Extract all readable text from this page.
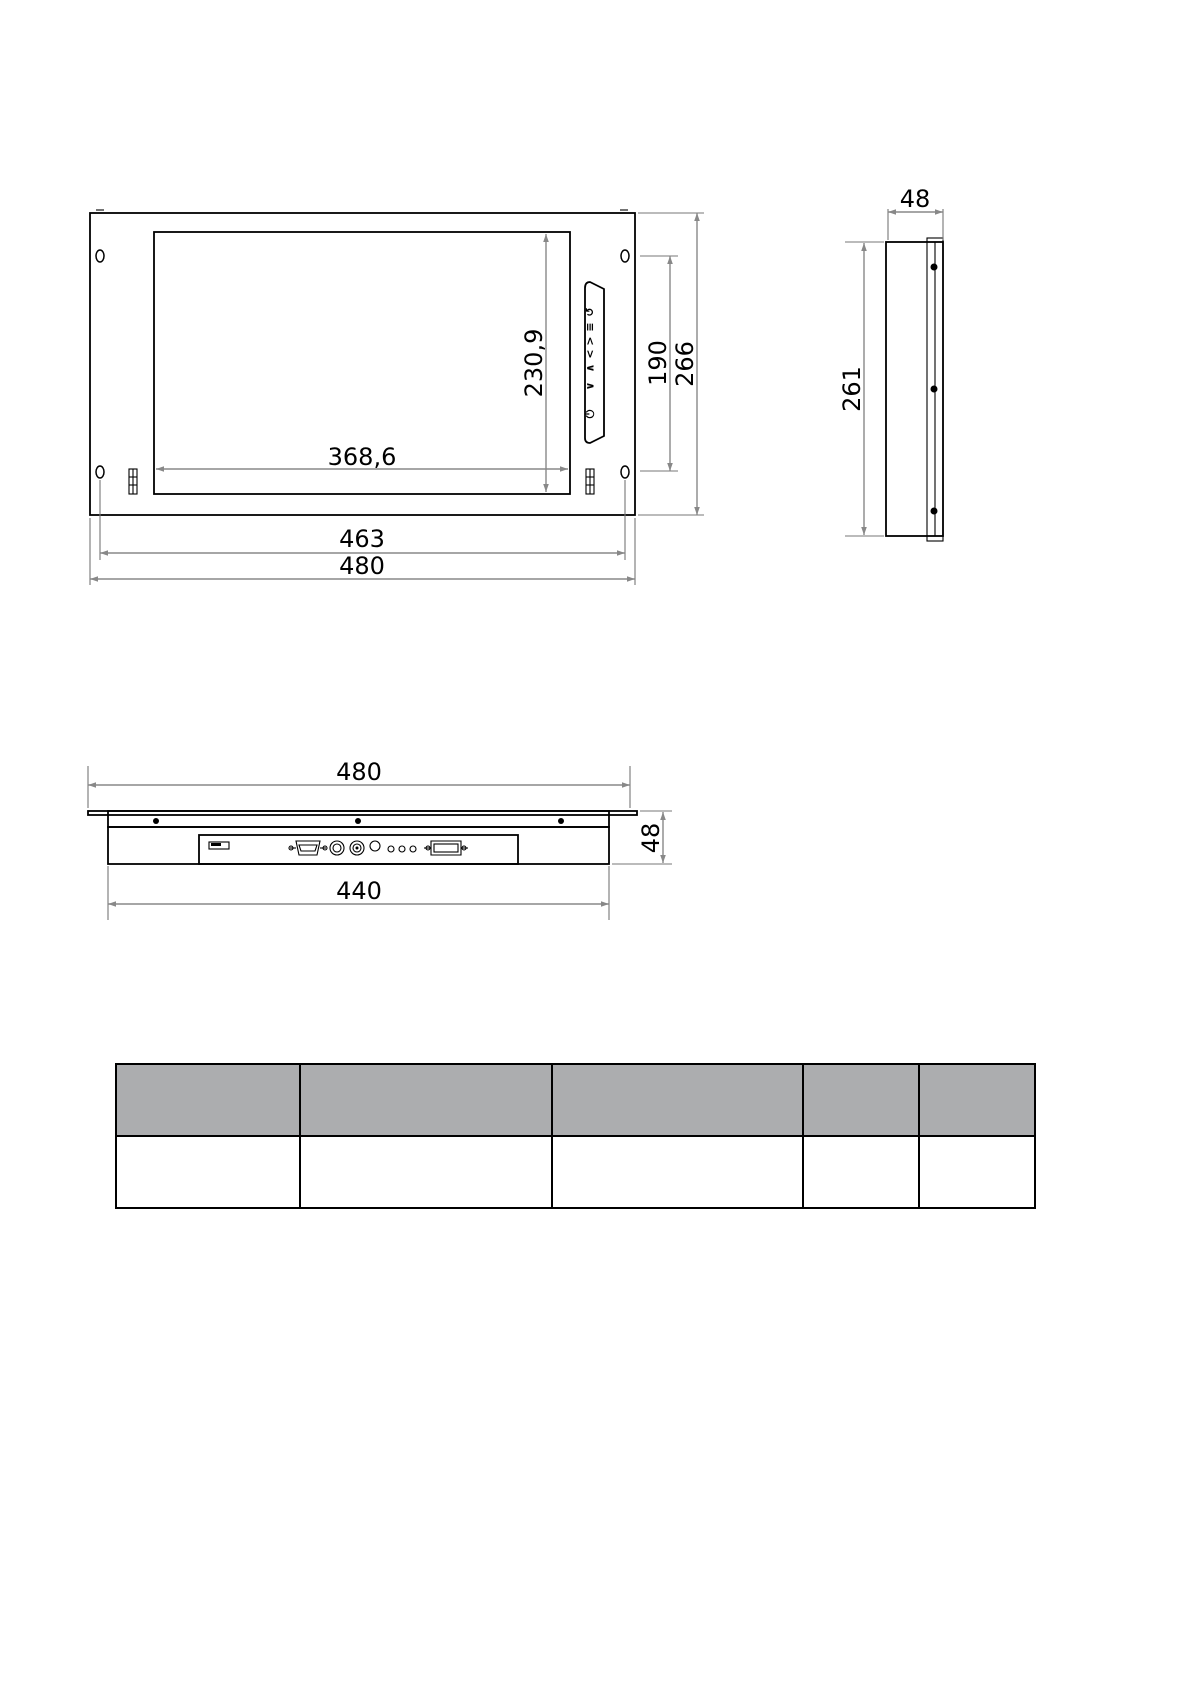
↺
≡
>
<
∧
∨
⏻
368,6
230,9
463
480
190 266
48
261
480
440
48
